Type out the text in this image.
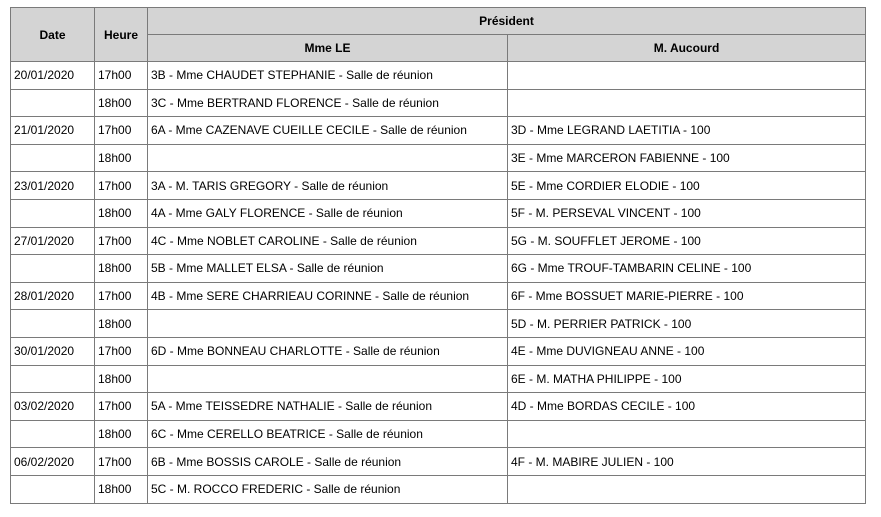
Date	Heure	Président	
		Mme LE	M. Aucourd
20/01/2020	17h00	3B - Mme CHAUDET STEPHANIE - Salle de réunion	
	18h00	3C - Mme BERTRAND FLORENCE - Salle de réunion	
21/01/2020	17h00	6A - Mme CAZENAVE CUEILLE CECILE - Salle de réunion	3D - Mme LEGRAND LAETITIA - 100
	18h00		3E - Mme MARCERON FABIENNE - 100
23/01/2020	17h00	3A - M. TARIS GREGORY - Salle de réunion	5E - Mme CORDIER ELODIE - 100
	18h00	4A - Mme GALY FLORENCE - Salle de réunion	5F - M. PERSEVAL VINCENT - 100
27/01/2020	17h00	4C - Mme NOBLET CAROLINE - Salle de réunion	5G - M. SOUFFLET JEROME - 100
	18h00	5B - Mme MALLET ELSA - Salle de réunion	6G - Mme TROUF-TAMBARIN CELINE - 100
28/01/2020	17h00	4B - Mme SERE CHARRIEAU CORINNE - Salle de réunion	6F - Mme BOSSUET MARIE-PIERRE - 100
	18h00		5D - M. PERRIER PATRICK - 100
30/01/2020	17h00	6D - Mme BONNEAU CHARLOTTE - Salle de réunion	4E - Mme DUVIGNEAU ANNE - 100
	18h00		6E - M. MATHA PHILIPPE - 100
03/02/2020	17h00	5A - Mme TEISSEDRE NATHALIE - Salle de réunion	4D - Mme BORDAS CECILE - 100
	18h00	6C - Mme CERELLO BEATRICE - Salle de réunion	
06/02/2020	17h00	6B - Mme BOSSIS CAROLE - Salle de réunion	4F - M. MABIRE JULIEN - 100
	18h00	5C - M. ROCCO FREDERIC - Salle de réunion	
